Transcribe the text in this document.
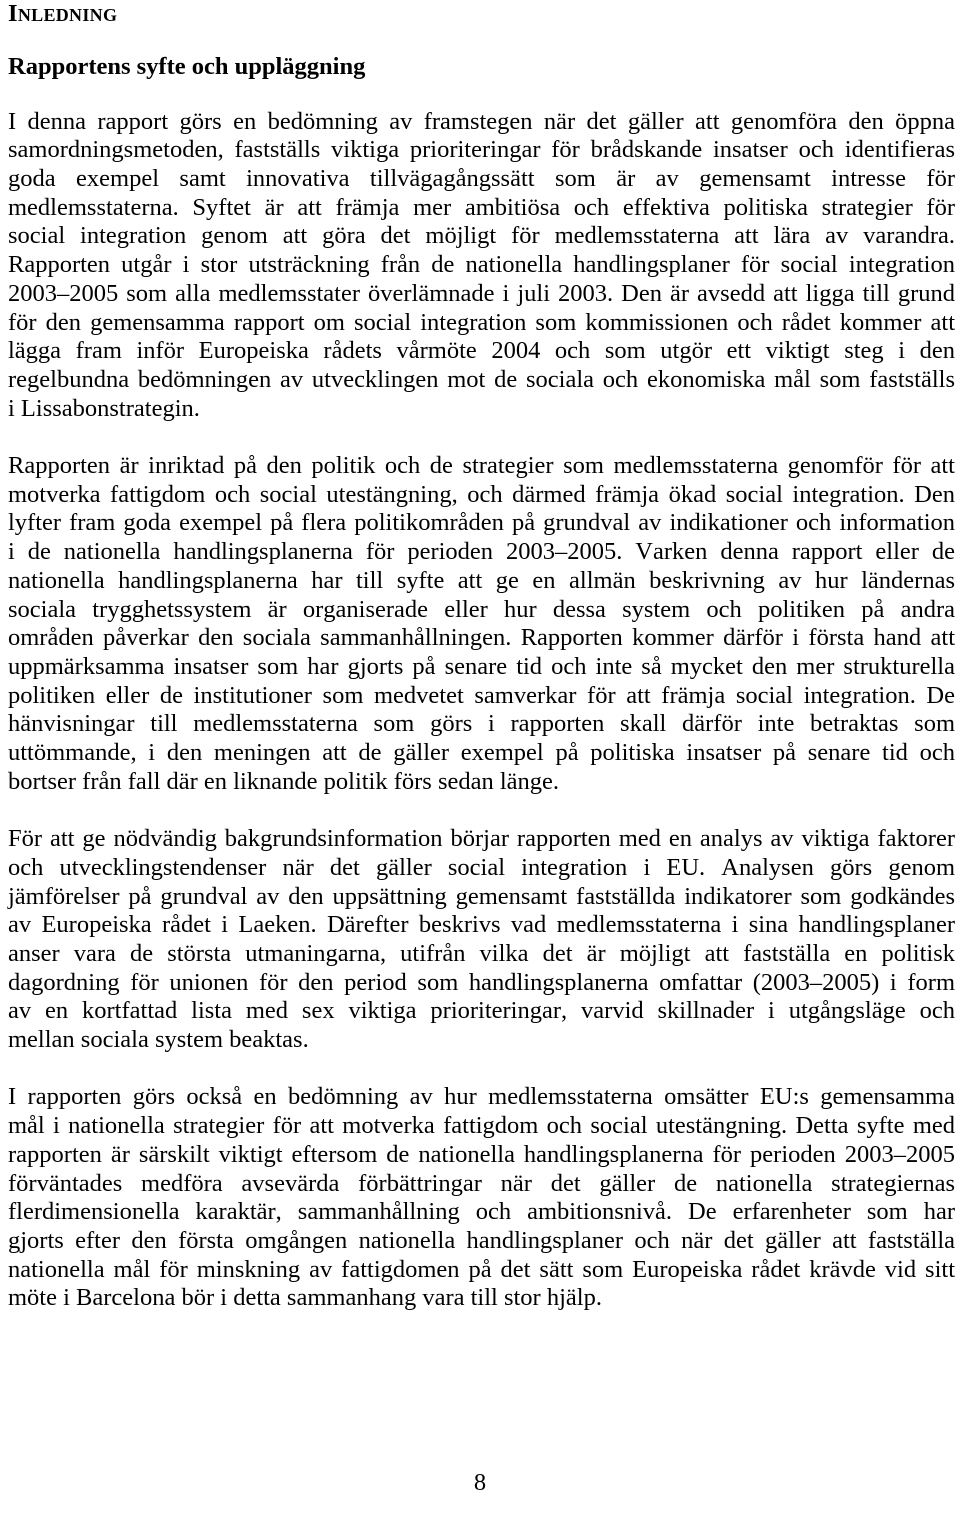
INLEDNING
Rapportens syfte och uppläggning
I denna rapport görs en bedömning av framstegen när det gäller att genomföra den öppna
samordningsmetoden, fastställs viktiga prioriteringar för brådskande insatser och identifieras
goda exempel samt innovativa tillvägagångssätt som är av gemensamt intresse för
medlemsstaterna. Syftet är att främja mer ambitiösa och effektiva politiska strategier för
social integration genom att göra det möjligt för medlemsstaterna att lära av varandra.
Rapporten utgår i stor utsträckning från de nationella handlingsplaner för social integration
2003–2005 som alla medlemsstater överlämnade i juli 2003. Den är avsedd att ligga till grund
för den gemensamma rapport om social integration som kommissionen och rådet kommer att
lägga fram inför Europeiska rådets vårmöte 2004 och som utgör ett viktigt steg i den
regelbundna bedömningen av utvecklingen mot de sociala och ekonomiska mål som fastställs
i Lissabonstrategin.
Rapporten är inriktad på den politik och de strategier som medlemsstaterna genomför för att
motverka fattigdom och social utestängning, och därmed främja ökad social integration. Den
lyfter fram goda exempel på flera politikområden på grundval av indikationer och information
i de nationella handlingsplanerna för perioden 2003–2005. Varken denna rapport eller de
nationella handlingsplanerna har till syfte att ge en allmän beskrivning av hur ländernas
sociala trygghetssystem är organiserade eller hur dessa system och politiken på andra
områden påverkar den sociala sammanhållningen. Rapporten kommer därför i första hand att
uppmärksamma insatser som har gjorts på senare tid och inte så mycket den mer strukturella
politiken eller de institutioner som medvetet samverkar för att främja social integration. De
hänvisningar till medlemsstaterna som görs i rapporten skall därför inte betraktas som
uttömmande, i den meningen att de gäller exempel på politiska insatser på senare tid och
bortser från fall där en liknande politik förs sedan länge.
För att ge nödvändig bakgrundsinformation börjar rapporten med en analys av viktiga faktorer
och utvecklingstendenser när det gäller social integration i EU. Analysen görs genom
jämförelser på grundval av den uppsättning gemensamt fastställda indikatorer som godkändes
av Europeiska rådet i Laeken. Därefter beskrivs vad medlemsstaterna i sina handlingsplaner
anser vara de största utmaningarna, utifrån vilka det är möjligt att fastställa en politisk
dagordning för unionen för den period som handlingsplanerna omfattar (2003–2005) i form
av en kortfattad lista med sex viktiga prioriteringar, varvid skillnader i utgångsläge och
mellan sociala system beaktas.
I rapporten görs också en bedömning av hur medlemsstaterna omsätter EU:s gemensamma
mål i nationella strategier för att motverka fattigdom och social utestängning. Detta syfte med
rapporten är särskilt viktigt eftersom de nationella handlingsplanerna för perioden 2003–2005
förväntades medföra avsevärda förbättringar när det gäller de nationella strategiernas
flerdimensionella karaktär, sammanhållning och ambitionsnivå. De erfarenheter som har
gjorts efter den första omgången nationella handlingsplaner och när det gäller att fastställa
nationella mål för minskning av fattigdomen på det sätt som Europeiska rådet krävde vid sitt
möte i Barcelona bör i detta sammanhang vara till stor hjälp.
8
